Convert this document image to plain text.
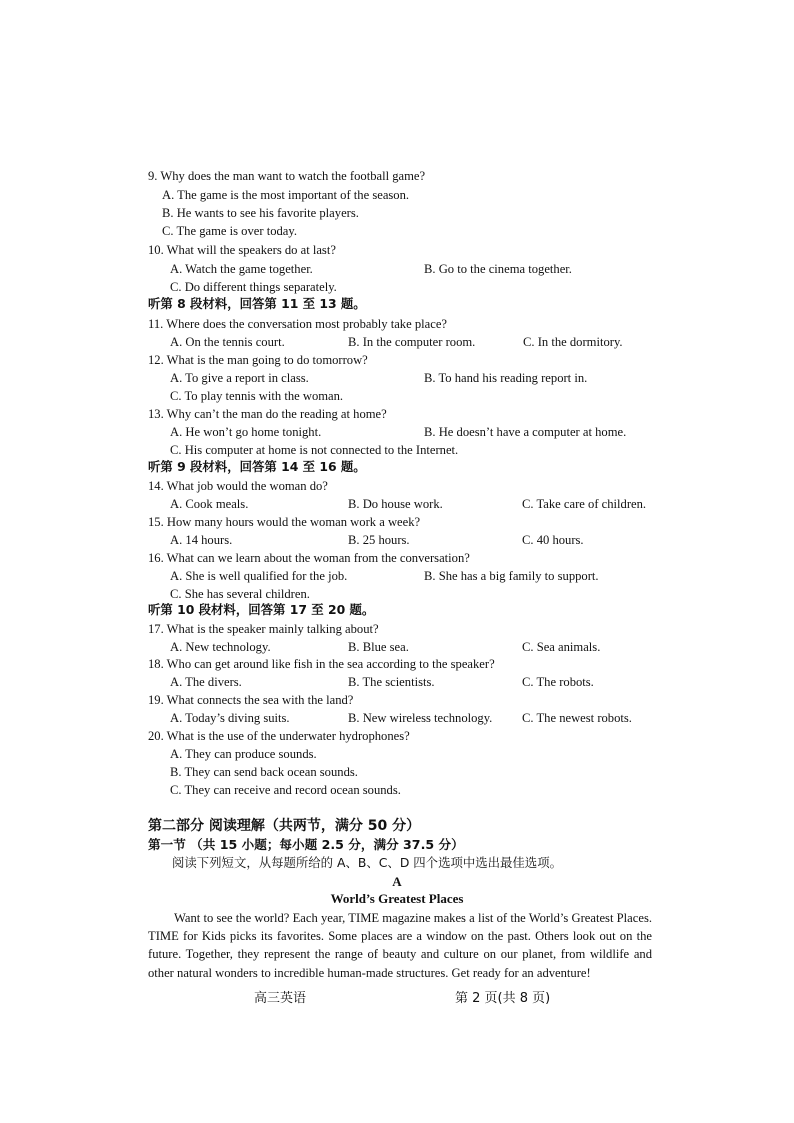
9. Why does the man want to watch the football game?
A. The game is the most important of the season.
B. He wants to see his favorite players.
C. The game is over today.
10. What will the speakers do at last?
A. Watch the game together.	B. Go to the cinema together.
C. Do different things separately.
听第 8 段材料，回答第 11 至 13 题。
11. Where does the conversation most probably take place?
A. On the tennis court.	B. In the computer room.	C. In the dormitory.
12. What is the man going to do tomorrow?
A. To give a report in class.	B. To hand his reading report in.
C. To play tennis with the woman.
13. Why can’t the man do the reading at home?
A. He won’t go home tonight.	B. He doesn’t have a computer at home.
C. His computer at home is not connected to the Internet.
听第 9 段材料，回答第 14 至 16 题。
14. What job would the woman do?
A. Cook meals.	B. Do house work.	C. Take care of children.
15. How many hours would the woman work a week?
A. 14 hours.	B. 25 hours.	C. 40 hours.
16. What can we learn about the woman from the conversation?
A. She is well qualified for the job.	B. She has a big family to support.
C. She has several children.
听第 10 段材料，回答第 17 至 20 题。
17. What is the speaker mainly talking about?
A. New technology.	B. Blue sea.	C. Sea animals.
18. Who can get around like fish in the sea according to the speaker?
A. The divers.	B. The scientists.	C. The robots.
19. What connects the sea with the land?
A. Today’s diving suits.	B. New wireless technology. C. The newest robots.
20. What is the use of the underwater hydrophones?
A. They can produce sounds.
B. They can send back ocean sounds.
C. They can receive and record ocean sounds.
第二部分 阅读理解（共两节，满分 50 分）
第一节 （共 15 小题；每小题 2.5 分，满分 37.5 分）
阅读下列短文，从每题所给的 A、B、C、D 四个选项中选出最佳选项。
A
World’s Greatest Places
Want to see the world? Each year, TIME magazine makes a list of the World’s Greatest Places. TIME for Kids picks its favorites. Some places are a window on the past. Others look out on the future. Together, they represent the range of beauty and culture on our planet, from wildlife and other natural wonders to incredible human-made structures. Get ready for an adventure!
高三英语	第 2 页(共 8 页)
